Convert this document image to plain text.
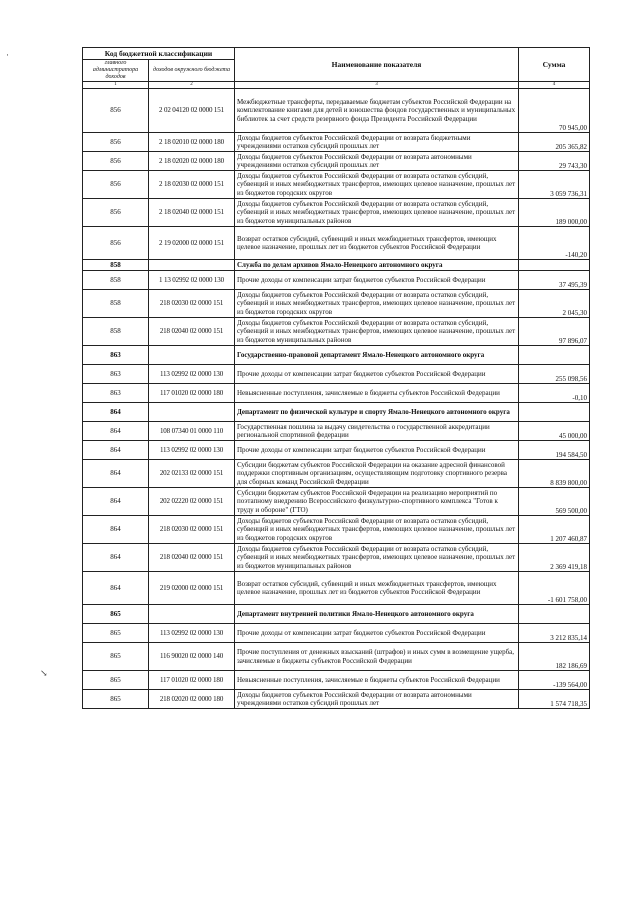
Код бюджетной классификации		Наименование показателя	Сумма
главного администратора доходов	доходов окружного бюджета		
1	2	3	4
856	2 02 04120 02 0000 151	Межбюджетные трансферты, передаваемые бюджетам субъектов Российской Федерации на комплектование книгами для детей и юношества фондов государственных и муниципальных библиотек за счет средств резервного фонда Президента Российской Федерации	70 945,00
856	2 18 02010 02 0000 180	Доходы бюджетов субъектов Российской Федерации от возврата бюджетными учреждениями остатков субсидий прошлых лет	205 365,82
856	2 18 02020 02 0000 180	Доходы бюджетов субъектов Российской Федерации от возврата автономными учреждениями остатков субсидий прошлых лет	29 743,30
856	2 18 02030 02 0000 151	Доходы бюджетов субъектов Российской Федерации от возврата остатков субсидий, субвенций и иных межбюджетных трансфертов, имеющих целевое назначение, прошлых лет из бюджетов городских округов	3 059 736,31
856	2 18 02040 02 0000 151	Доходы бюджетов субъектов Российской Федерации от возврата остатков субсидий, субвенций и иных межбюджетных трансфертов, имеющих целевое назначение, прошлых лет из бюджетов муниципальных районов	189 000,00
856	2 19 02000 02 0000 151	Возврат остатков субсидий, субвенций и иных межбюджетных трансфертов, имеющих целевое назначение, прошлых лет из бюджетов субъектов Российской Федерации	-140,20
858		Служба по делам архивов Ямало-Ненецкого автономного округа	
858	1 13 02992 02 0000 130	Прочие доходы от компенсации затрат бюджетов субъектов Российской Федерации	37 495,39
858	218 02030 02 0000 151	Доходы бюджетов субъектов Российской Федерации от возврата остатков субсидий, субвенций и иных межбюджетных трансфертов, имеющих целевое назначение, прошлых лет из бюджетов городских округов	2 045,30
858	218 02040 02 0000 151	Доходы бюджетов субъектов Российской Федерации от возврата остатков субсидий, субвенций и иных межбюджетных трансфертов, имеющих целевое назначение, прошлых лет из бюджетов муниципальных районов	97 896,07
863		Государственно-правовой департамент Ямало-Ненецкого автономного округа	
863	113 02992 02 0000 130	Прочие доходы от компенсации затрат бюджетов субъектов Российской Федерации	255 098,56
863	117 01020 02 0000 180	Невыясненные поступления, зачисляемые в бюджеты субъектов Российской Федерации	-0,10
864		Департамент по физической культуре и спорту Ямало-Ненецкого автономного округа	
864	108 07340 01 0000 110	Государственная пошлина за выдачу свидетельства о государственной аккредитации региональной спортивной федерации	45 000,00
864	113 02992 02 0000 130	Прочие доходы от компенсации затрат бюджетов субъектов Российской Федерации	194 584,50
864	202 02133 02 0000 151	Субсидии бюджетам субъектов Российской Федерации на оказание адресной финансовой поддержки спортивным организациям, осуществляющим подготовку спортивного резерва для сборных команд Российской Федерации	8 839 800,00
864	202 02220 02 0000 151	Субсидии бюджетам субъектов Российской Федерации на реализацию мероприятий по поэтапному внедрению Всероссийского физкультурно-спортивного комплекса "Готов к труду и обороне" (ГТО)	569 500,00
864	218 02030 02 0000 151	Доходы бюджетов субъектов Российской Федерации от возврата остатков субсидий, субвенций и иных межбюджетных трансфертов, имеющих целевое назначение, прошлых лет из бюджетов городских округов	1 207 460,87
864	218 02040 02 0000 151	Доходы бюджетов субъектов Российской Федерации от возврата остатков субсидий, субвенций и иных межбюджетных трансфертов, имеющих целевое назначение, прошлых лет из бюджетов муниципальных районов	2 369 419,18
864	219 02000 02 0000 151	Возврат остатков субсидий, субвенций и иных межбюджетных трансфертов, имеющих целевое назначение, прошлых лет из бюджетов субъектов Российской Федерации	-1 601 758,00
865		Департамент внутренней политики Ямало-Ненецкого автономного округа	
865	113 02992 02 0000 130	Прочие доходы от компенсации затрат бюджетов субъектов Российской Федерации	3 212 835,14
865	116 90020 02 0000 140	Прочие поступления от денежных взысканий (штрафов) и иных сумм в возмещение ущерба, зачисляемые в бюджеты субъектов Российской Федерации	182 186,69
865	117 01020 02 0000 180	Невыясненные поступления, зачисляемые в бюджеты субъектов Российской Федерации	-139 564,00
865	218 02020 02 0000 180	Доходы бюджетов субъектов Российской Федерации от возврата автономными учреждениями остатков субсидий прошлых лет	1 574 718,35
·
↘
